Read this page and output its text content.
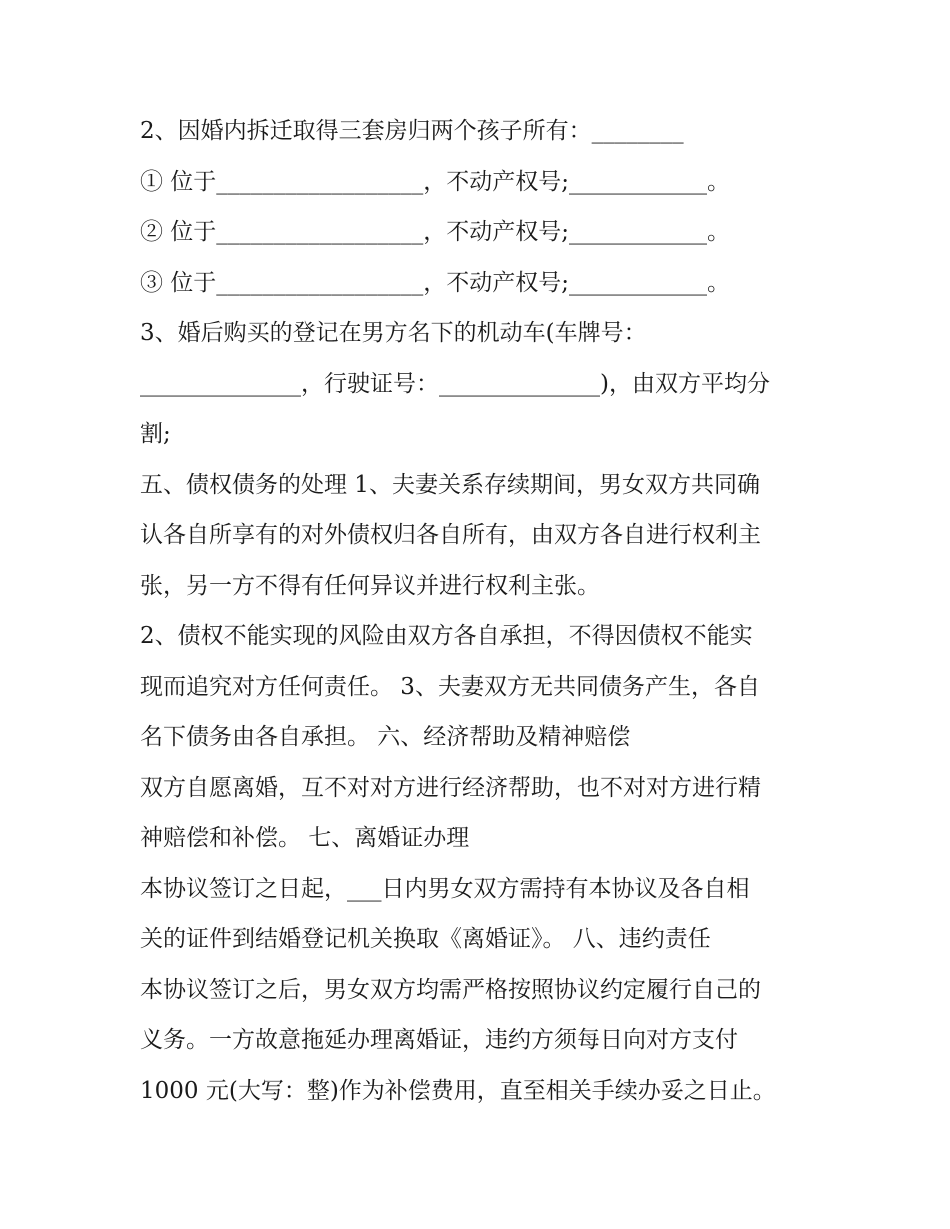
2、因婚内拆迁取得三套房归两个孩子所有：________
① 位于__________________，不动产权号;____________。
② 位于__________________，不动产权号;____________。
③ 位于__________________，不动产权号;____________。
3、婚后购买的登记在男方名下的机动车(车牌号：
______________，行驶证号：______________)，由双方平均分
割;
五、债权债务的处理 1、夫妻关系存续期间，男女双方共同确
认各自所享有的对外债权归各自所有，由双方各自进行权利主
张，另一方不得有任何异议并进行权利主张。
2、债权不能实现的风险由双方各自承担，不得因债权不能实
现而追究对方任何责任。 3、夫妻双方无共同债务产生，各自
名下债务由各自承担。 六、经济帮助及精神赔偿
双方自愿离婚，互不对对方进行经济帮助，也不对对方进行精
神赔偿和补偿。 七、离婚证办理
本协议签订之日起，___日内男女双方需持有本协议及各自相
关的证件到结婚登记机关换取《离婚证》。 八、违约责任
本协议签订之后，男女双方均需严格按照协议约定履行自己的
义务。一方故意拖延办理离婚证，违约方须每日向对方支付
1000 元(大写：整)作为补偿费用，直至相关手续办妥之日止。
